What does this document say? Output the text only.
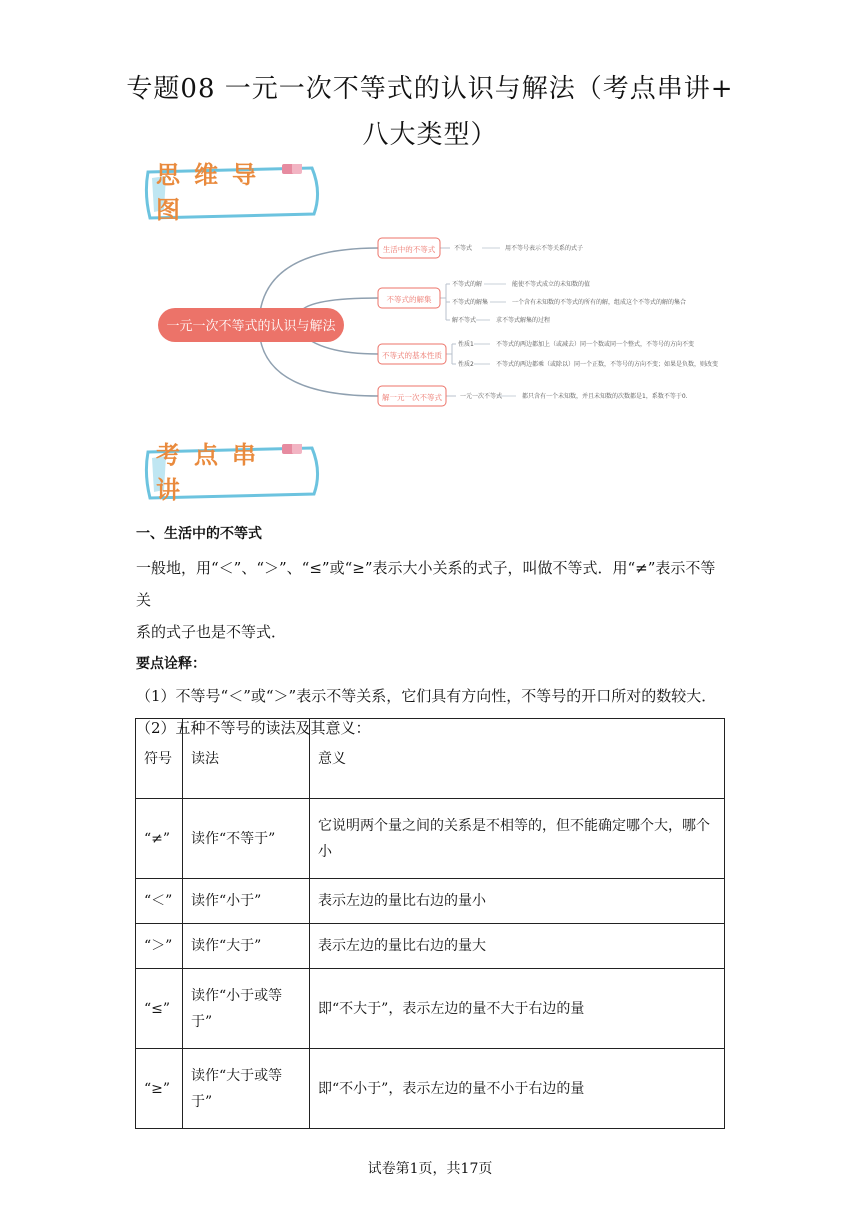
专题08 一元一次不等式的认识与解法（考点串讲+
八大类型）
思维导图
一元一次不等式的认识与解法
生活中的不等式
不等式的解集
不等式的基本性质
解一元一次不等式
不等式	用不等号表示不等关系的式子
不等式的解	能使不等式成立的未知数的值
不等式的解集	一个含有未知数的不等式的所有的解，组成这个不等式的解的集合
解不等式	求不等式解集的过程
性质1	不等式的两边都加上（或减去）同一个数或同一个整式，不等号的方向不变
性质2	不等式的两边都乘（或除以）同一个正数，不等号的方向不变；如果是负数，则改变
一元一次不等式	都只含有一个未知数，并且未知数的次数都是1，系数不等于0.
考点串讲
一、生活中的不等式
一般地，用“＜”、“＞”、“≤”或“≥”表示大小关系的式子，叫做不等式．用“≠”表示不等关
系的式子也是不等式．
要点诠释：
（1）不等号“＜”或“＞”表示不等关系，它们具有方向性，不等号的开口所对的数较大．
（2）五种不等号的读法及其意义：
符号	读法	意义
“≠”	读作“不等于”	它说明两个量之间的关系是不相等的，但不能确定哪个大，哪个小
“＜”	读作“小于”	表示左边的量比右边的量小
“＞”	读作“大于”	表示左边的量比右边的量大
“≤”	读作“小于或等于”	即“不大于”，表示左边的量不大于右边的量
“≥”	读作“大于或等于”	即“不小于”，表示左边的量不小于右边的量
试卷第1页，共17页
